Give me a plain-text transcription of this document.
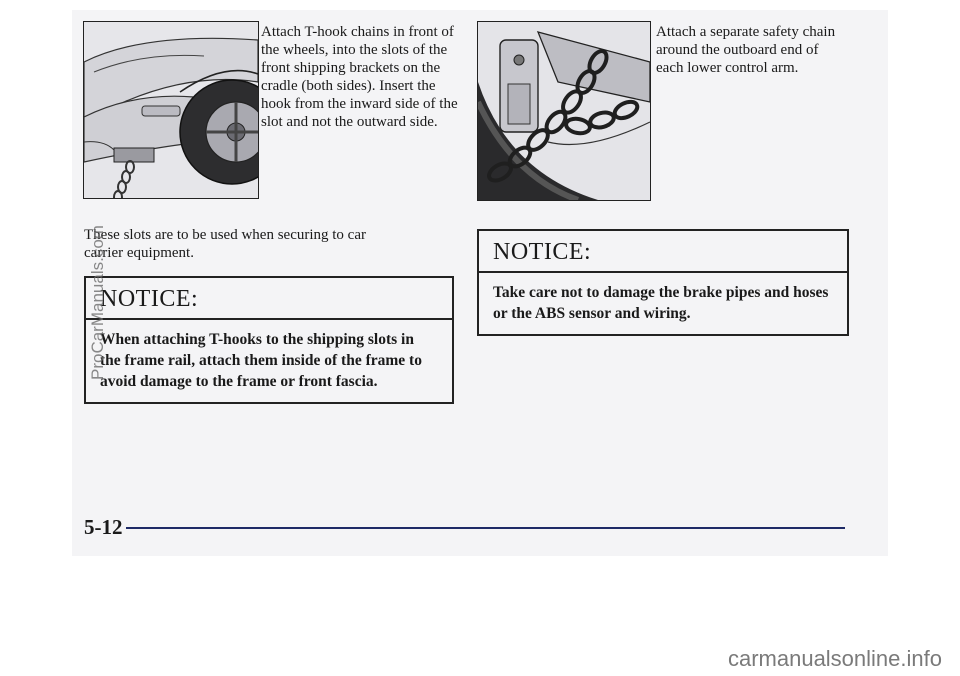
Attach T-hook chains in front of the wheels, into the slots of the front shipping brackets on the cradle (both sides). Insert the hook from the inward side of the slot and not the outward side.

Attach a separate safety chain around the outboard end of each lower control arm.

These slots are to be used when securing to car carrier equipment.

NOTICE:

When attaching T-hooks to the shipping slots in the frame rail, attach them inside of the frame to avoid damage to the frame or front fascia.

NOTICE:

Take care not to damage the brake pipes and hoses or the ABS sensor and wiring.

5-12

ProCarManuals.com

carmanualsonline.info
